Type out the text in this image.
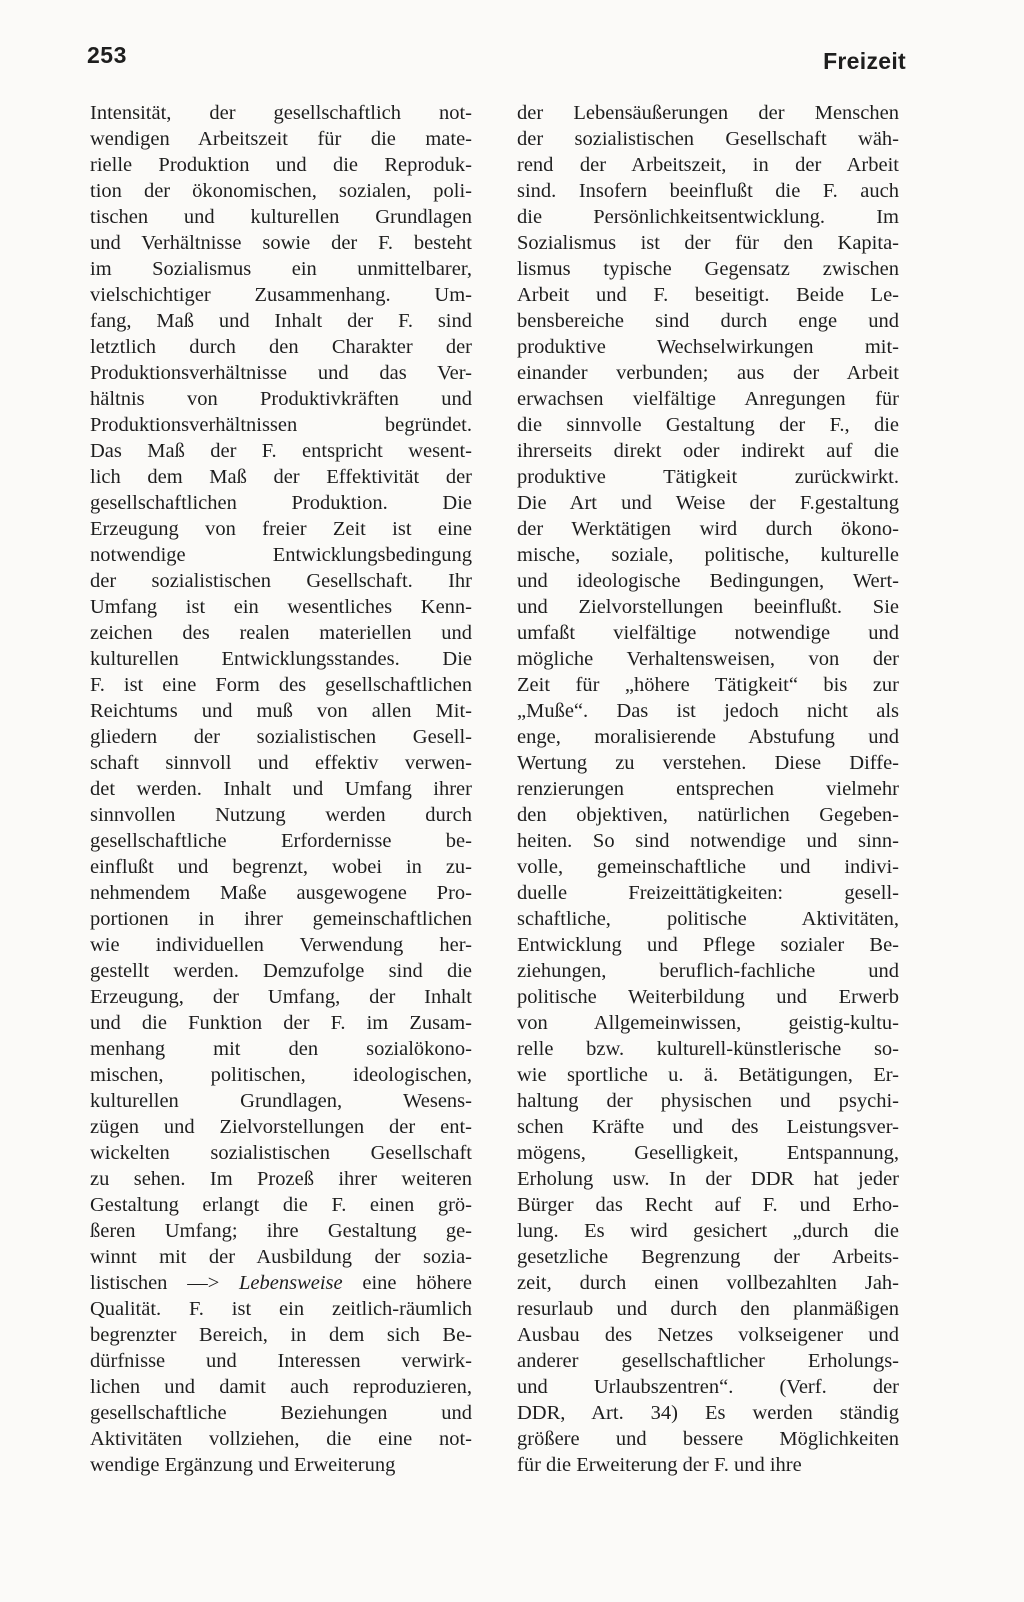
253	Freizeit
Intensität, der gesellschaftlich not-
wendigen Arbeitszeit für die mate-
rielle Produktion und die Reproduk-
tion der ökonomischen, sozialen, poli-
tischen und kulturellen Grundlagen
und Verhältnisse sowie der F. besteht
im Sozialismus ein unmittelbarer,
vielschichtiger Zusammenhang. Um-
fang, Maß und Inhalt der F. sind
letztlich durch den Charakter der
Produktionsverhältnisse und das Ver-
hältnis von Produktivkräften und
Produktionsverhältnissen begründet.
Das Maß der F. entspricht wesent-
lich dem Maß der Effektivität der
gesellschaftlichen Produktion. Die
Erzeugung von freier Zeit ist eine
notwendige Entwicklungsbedingung
der sozialistischen Gesellschaft. Ihr
Umfang ist ein wesentliches Kenn-
zeichen des realen materiellen und
kulturellen Entwicklungsstandes. Die
F. ist eine Form des gesellschaftlichen
Reichtums und muß von allen Mit-
gliedern der sozialistischen Gesell-
schaft sinnvoll und effektiv verwen-
det werden. Inhalt und Umfang ihrer
sinnvollen Nutzung werden durch
gesellschaftliche Erfordernisse be-
einflußt und begrenzt, wobei in zu-
nehmendem Maße ausgewogene Pro-
portionen in ihrer gemeinschaftlichen
wie individuellen Verwendung her-
gestellt werden. Demzufolge sind die
Erzeugung, der Umfang, der Inhalt
und die Funktion der F. im Zusam-
menhang mit den sozialökono-
mischen, politischen, ideologischen,
kulturellen Grundlagen, Wesens-
zügen und Zielvorstellungen der ent-
wickelten sozialistischen Gesellschaft
zu sehen. Im Prozeß ihrer weiteren
Gestaltung erlangt die F. einen grö-
ßeren Umfang; ihre Gestaltung ge-
winnt mit der Ausbildung der sozia-
listischen —> Lebensweise eine höhere
Qualität. F. ist ein zeitlich-räumlich
begrenzter Bereich, in dem sich Be-
dürfnisse und Interessen verwirk-
lichen und damit auch reproduzieren,
gesellschaftliche Beziehungen und
Aktivitäten vollziehen, die eine not-
wendige Ergänzung und Erweiterung
der Lebensäußerungen der Menschen
der sozialistischen Gesellschaft wäh-
rend der Arbeitszeit, in der Arbeit
sind. Insofern beeinflußt die F. auch
die Persönlichkeitsentwicklung. Im
Sozialismus ist der für den Kapita-
lismus typische Gegensatz zwischen
Arbeit und F. beseitigt. Beide Le-
bensbereiche sind durch enge und
produktive Wechselwirkungen mit-
einander verbunden; aus der Arbeit
erwachsen vielfältige Anregungen für
die sinnvolle Gestaltung der F., die
ihrerseits direkt oder indirekt auf die
produktive Tätigkeit zurückwirkt.
Die Art und Weise der F.gestaltung
der Werktätigen wird durch ökono-
mische, soziale, politische, kulturelle
und ideologische Bedingungen, Wert-
und Zielvorstellungen beeinflußt. Sie
umfaßt vielfältige notwendige und
mögliche Verhaltensweisen, von der
Zeit für „höhere Tätigkeit“ bis zur
„Muße“. Das ist jedoch nicht als
enge, moralisierende Abstufung und
Wertung zu verstehen. Diese Diffe-
renzierungen entsprechen vielmehr
den objektiven, natürlichen Gegeben-
heiten. So sind notwendige und sinn-
volle, gemeinschaftliche und indivi-
duelle Freizeittätigkeiten: gesell-
schaftliche, politische Aktivitäten,
Entwicklung und Pflege sozialer Be-
ziehungen, beruflich-fachliche und
politische Weiterbildung und Erwerb
von Allgemeinwissen, geistig-kultu-
relle bzw. kulturell-künstlerische so-
wie sportliche u. ä. Betätigungen, Er-
haltung der physischen und psychi-
schen Kräfte und des Leistungsver-
mögens, Geselligkeit, Entspannung,
Erholung usw. In der DDR hat jeder
Bürger das Recht auf F. und Erho-
lung. Es wird gesichert „durch die
gesetzliche Begrenzung der Arbeits-
zeit, durch einen vollbezahlten Jah-
resurlaub und durch den planmäßigen
Ausbau des Netzes volkseigener und
anderer gesellschaftlicher Erholungs-
und Urlaubszentren“. (Verf. der
DDR, Art. 34) Es werden ständig
größere und bessere Möglichkeiten
für die Erweiterung der F. und ihre
